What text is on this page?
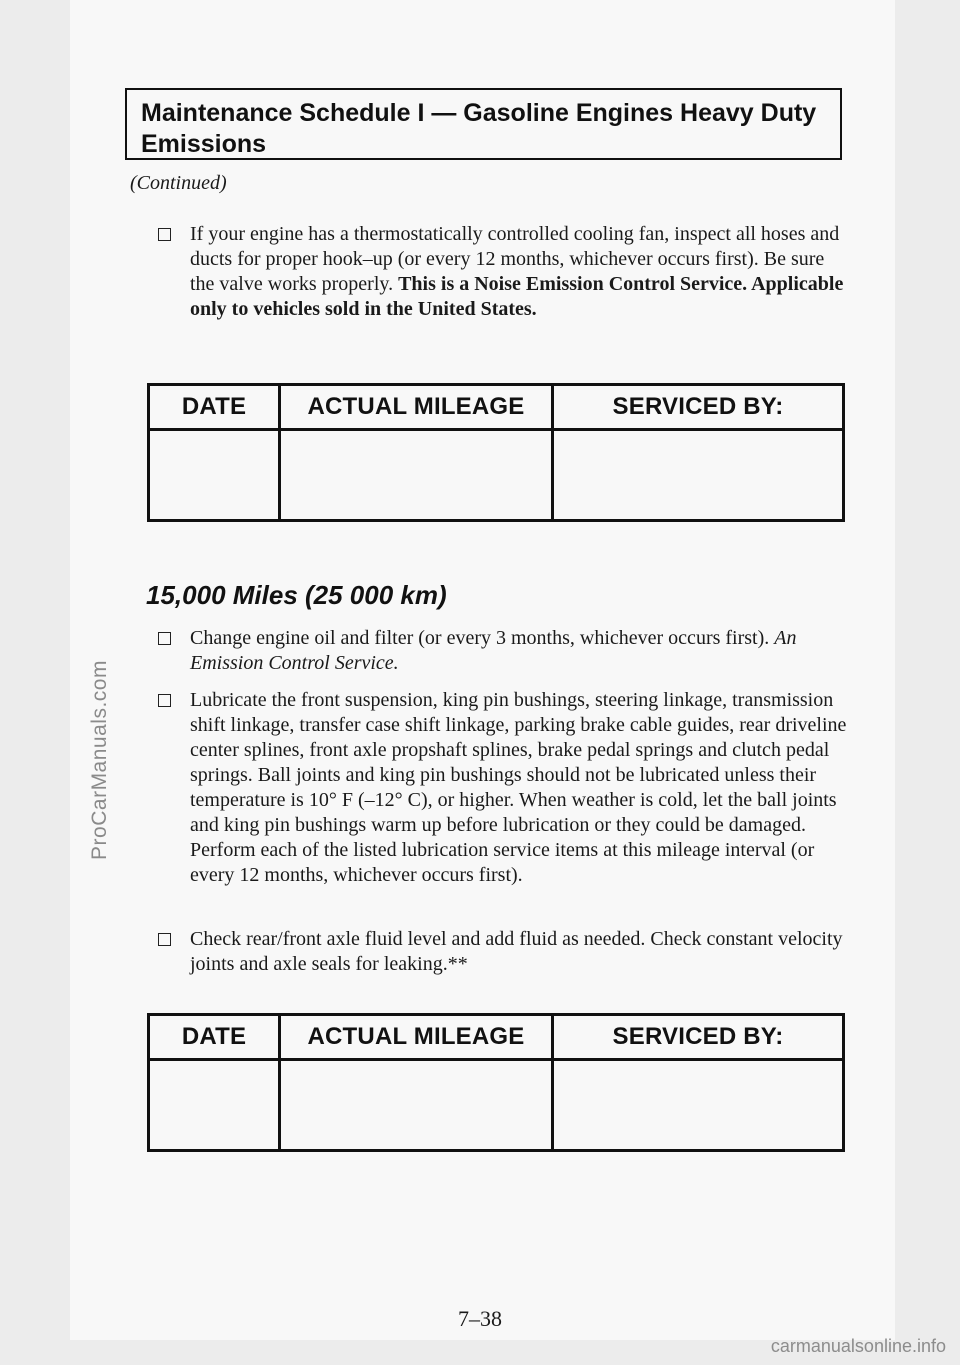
ProCarManuals.com
Maintenance Schedule I — Gasoline Engines Heavy Duty Emissions
(Continued)
If your engine has a thermostatically controlled cooling fan, inspect all hoses and ducts for proper hook–up (or every 12 months, whichever occurs first). Be sure the valve works properly. This is a Noise Emission Control Service. Applicable only to vehicles sold in the United States.
DATE	ACTUAL MILEAGE	SERVICED BY:
15,000 Miles (25 000 km)
Change engine oil and filter (or every 3 months, whichever occurs first). An Emission Control Service.
Lubricate the front suspension, king pin bushings, steering linkage, transmission shift linkage, transfer case shift linkage, parking brake cable guides, rear driveline center splines, front axle propshaft splines, brake pedal springs and clutch pedal springs. Ball joints and king pin bushings should not be lubricated unless their temperature is 10° F (–12° C), or higher. When weather is cold, let the ball joints and king pin bushings warm up before lubrication or they could be damaged. Perform each of the listed lubrication service items at this mileage interval (or every 12 months, whichever occurs first).
Check rear/front axle fluid level and add fluid as needed. Check constant velocity joints and axle seals for leaking.**
DATE	ACTUAL MILEAGE	SERVICED BY:
7–38
carmanualsonline.info
